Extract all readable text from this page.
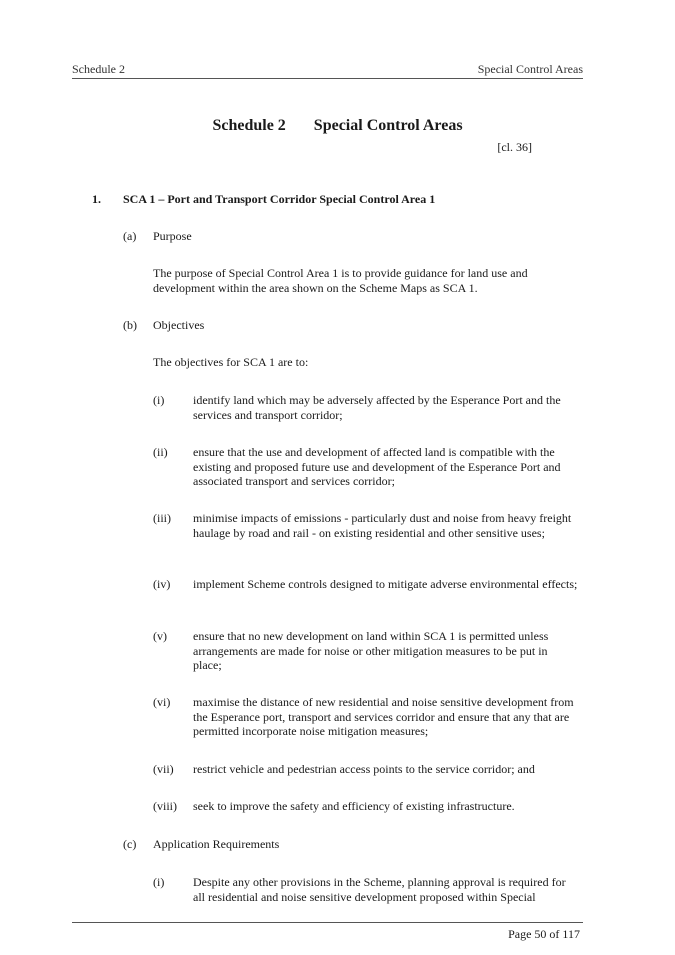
Schedule 2	Special Control Areas
Schedule 2 Special Control Areas
[cl. 36]
1. SCA 1 – Port and Transport Corridor Special Control Area 1
(a) Purpose
The purpose of Special Control Area 1 is to provide guidance for land use and development within the area shown on the Scheme Maps as SCA 1.
(b) Objectives
The objectives for SCA 1 are to:
(i) identify land which may be adversely affected by the Esperance Port and the services and transport corridor;
(ii) ensure that the use and development of affected land is compatible with the existing and proposed future use and development of the Esperance Port and associated transport and services corridor;
(iii) minimise impacts of emissions - particularly dust and noise from heavy freight haulage by road and rail - on existing residential and other sensitive uses;
(iv) implement Scheme controls designed to mitigate adverse environmental effects;
(v) ensure that no new development on land within SCA 1 is permitted unless arrangements are made for noise or other mitigation measures to be put in place;
(vi) maximise the distance of new residential and noise sensitive development from the Esperance port, transport and services corridor and ensure that any that are permitted incorporate noise mitigation measures;
(vii) restrict vehicle and pedestrian access points to the service corridor; and
(viii) seek to improve the safety and efficiency of existing infrastructure.
(c) Application Requirements
(i) Despite any other provisions in the Scheme, planning approval is required for all residential and noise sensitive development proposed within Special
Page 50 of 117
